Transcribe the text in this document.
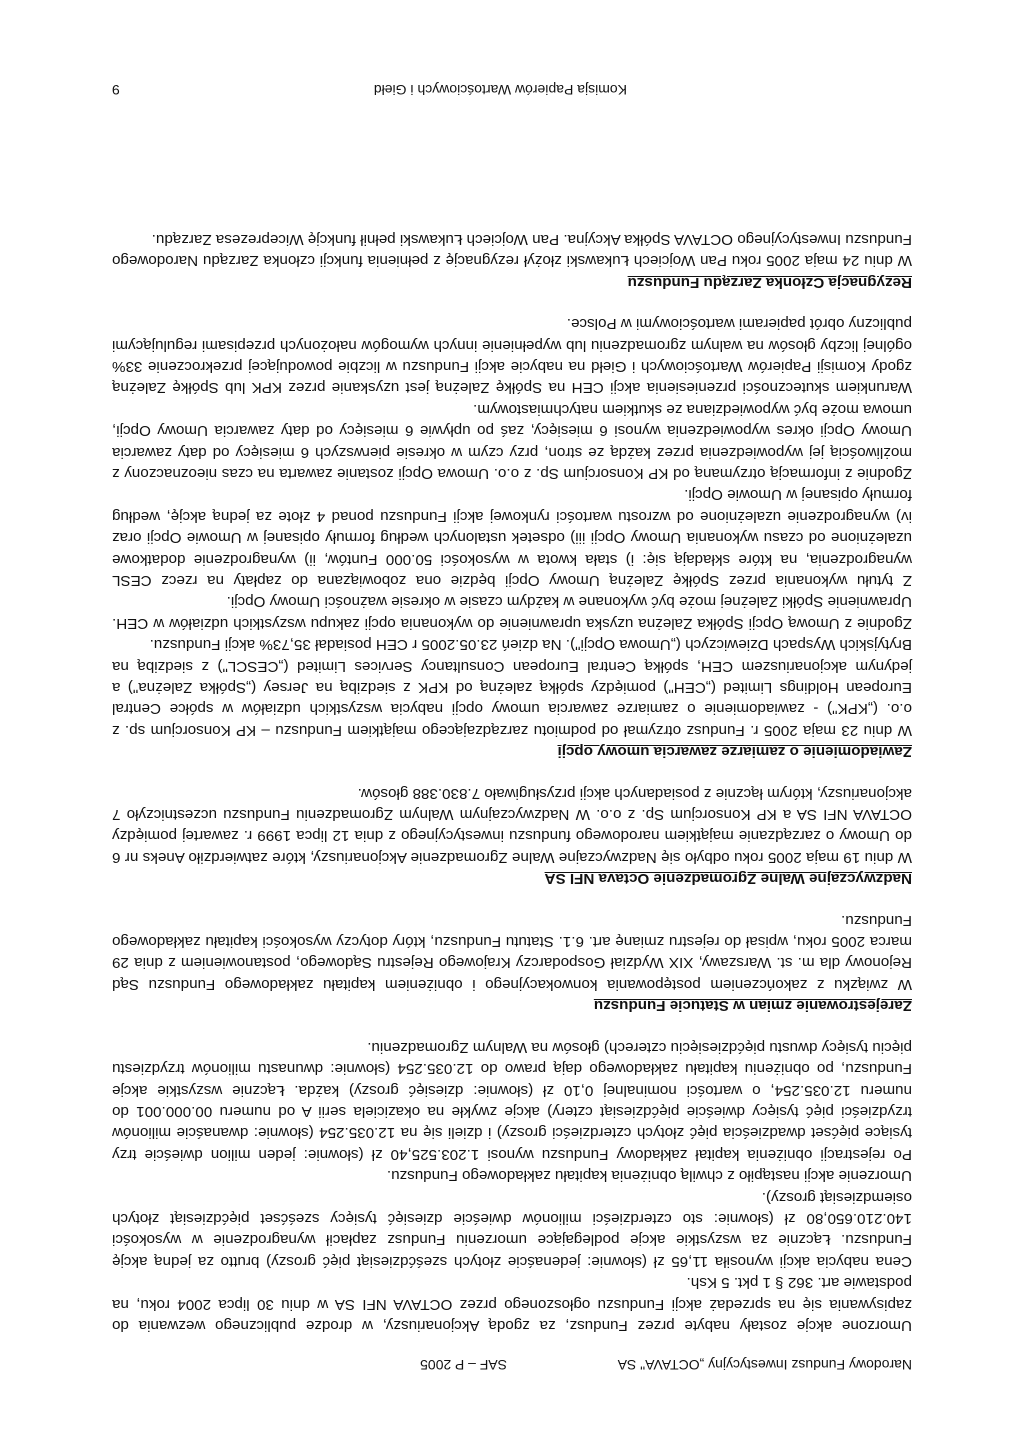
Narodowy Fundusz Inwestycyjny „OCTAVA" SA
SAF – P 2005

Umorzone akcje zostały nabyte przez Fundusz, za zgodą Akcjonariuszy, w drodze publicznego wezwania do zapisywania się na sprzedaż akcji Funduszu ogłoszonego przez OCTAVA NFI SA w dniu 30 lipca 2004 roku, na podstawie art. 362 § 1 pkt. 5 Ksh.

Cena nabycia akcji wynosiła 11,65 zł (słownie: jedenaście złotych sześćdziesiąt pięć groszy) brutto za jedną akcję Funduszu. Łącznie za wszystkie akcje podlegające umorzeniu Fundusz zapłacił wynagrodzenie w wysokości 140.210.650,80 zł (słownie: sto czterdzieści milionów dwieście dziesięć tysięcy sześćset pięćdziesiąt złotych osiemdziesiąt groszy).

Umorzenie akcji nastąpiło z chwilą obniżenia kapitału zakładowego Funduszu.

Po rejestracji obniżenia kapitał zakładowy Funduszu wynosi 1.203.525,40 zł (słownie: jeden milion dwieście trzy tysiące pięćset dwadzieścia pięć złotych czterdzieści groszy) i dzieli się na 12.035.254 (słownie: dwanaście milionów trzydzieści pięć tysięcy dwieście pięćdziesiąt cztery) akcje zwykłe na okaziciela serii A od numeru 00.000.001 do numeru 12.035.254, o wartości nominalnej 0,10 zł (słownie: dziesięć groszy) każda. Łącznie wszystkie akcje Funduszu, po obniżeniu kapitału zakładowego dają prawo do 12.035.254 (słownie: dwunastu milionów trzydziestu pięciu tysięcy dwustu pięćdziesięciu czterech) głosów na Walnym Zgromadzeniu.

Zarejestrowanie zmian w Statucie Funduszu

W związku z zakończeniem postępowania konwokacyjnego i obniżeniem kapitału zakładowego Funduszu Sąd Rejonowy dla m. st. Warszawy, XIX Wydział Gospodarczy Krajowego Rejestru Sądowego, postanowieniem z dnia 29 marca 2005 roku, wpisał do rejestru zmianę art. 6.1. Statutu Funduszu, który dotyczy wysokości kapitału zakładowego Funduszu.

Nadzwyczajne Walne Zgromadzenie Octava NFI SA

W dniu 19 maja 2005 roku odbyło się Nadzwyczajne Walne Zgromadzenie Akcjonariuszy, które zatwierdziło Aneks nr 6 do Umowy o zarządzanie majątkiem narodowego funduszu inwestycyjnego z dnia 12 lipca 1999 r. zawartej pomiędzy OCTAVA NFI SA a KP Konsorcjum Sp. z o.o. W Nadzwyczajnym Walnym Zgromadzeniu Funduszu uczestniczyło 7 akcjonariuszy, którym łącznie z posiadanych akcji przysługiwało 7.830.388 głosów.

Zawiadomienie o zamiarze zawarcia umowy opcji

W dniu 23 maja 2005 r. Fundusz otrzymał od podmiotu zarządzającego majątkiem Funduszu – KP Konsorcjum sp. z o.o. („KPK") - zawiadomienie o zamiarze zawarcia umowy opcji nabycia wszystkich udziałów w spółce Central European Holdings Limited („CEH") pomiędzy spółką zależną od KPK z siedzibą na Jersey („Spółka Zależna") a jedynym akcjonariuszem CEH, spółką Central European Consultancy Services Limited („CESCL") z siedzibą na Brytyjskich Wyspach Dziewiczych („Umowa Opcji"). Na dzień 23.05.2005 r CEH posiadał 35,73% akcji Funduszu.

Zgodnie z Umową Opcji Spółka Zależna uzyska uprawnienie do wykonania opcji zakupu wszystkich udziałów w CEH. Uprawnienie Spółki Zależnej może być wykonane w każdym czasie w okresie ważności Umowy Opcji.

Z tytułu wykonania przez Spółkę Zależną Umowy Opcji będzie ona zobowiązana do zapłaty na rzecz CESL wynagrodzenia, na które składają się: i) stała kwota w wysokości 50.000 Funtów, ii) wynagrodzenie dodatkowe uzależnione od czasu wykonania Umowy Opcji iii) odsetek ustalonych według formuły opisanej w Umowie Opcji oraz iv) wynagrodzenie uzależnione od wzrostu wartości rynkowej akcji Funduszu ponad 4 złote za jedną akcję, według formuły opisanej w Umowie Opcji.

Zgodnie z informacją otrzymaną od KP Konsorcjum Sp. z o.o. Umowa Opcji zostanie zawarta na czas nieoznaczony z możliwością jej wypowiedzenia przez każdą ze stron, przy czym w okresie pierwszych 6 miesięcy od daty zawarcia Umowy Opcji okres wypowiedzenia wynosi 6 miesięcy, zaś po upływie 6 miesięcy od daty zawarcia Umowy Opcji, umowa może być wypowiedziana ze skutkiem natychmiastowym.

Warunkiem skuteczności przeniesienia akcji CEH na Spółkę Zależną jest uzyskanie przez KPK lub Spółkę Zależną zgody Komisji Papierów Wartościowych i Giełd na nabycie akcji Funduszu w liczbie powodującej przekroczenie 33% ogólnej liczby głosów na walnym zgromadzeniu lub wypełnienie innych wymogów nałożonych przepisami regulującymi publiczny obrót papierami wartościowymi w Polsce.

Rezygnacja Członka Zarządu Funduszu

W dniu 24 maja 2005 roku Pan Wojciech Łukawski złożył rezygnację z pełnienia funkcji członka Zarządu Narodowego Funduszu Inwestycyjnego OCTAVA Spółka Akcyjna. Pan Wojciech Łukawski pełnił funkcję Wiceprezesa Zarządu.

Komisja Papierów Wartościowych i Giełd
9
